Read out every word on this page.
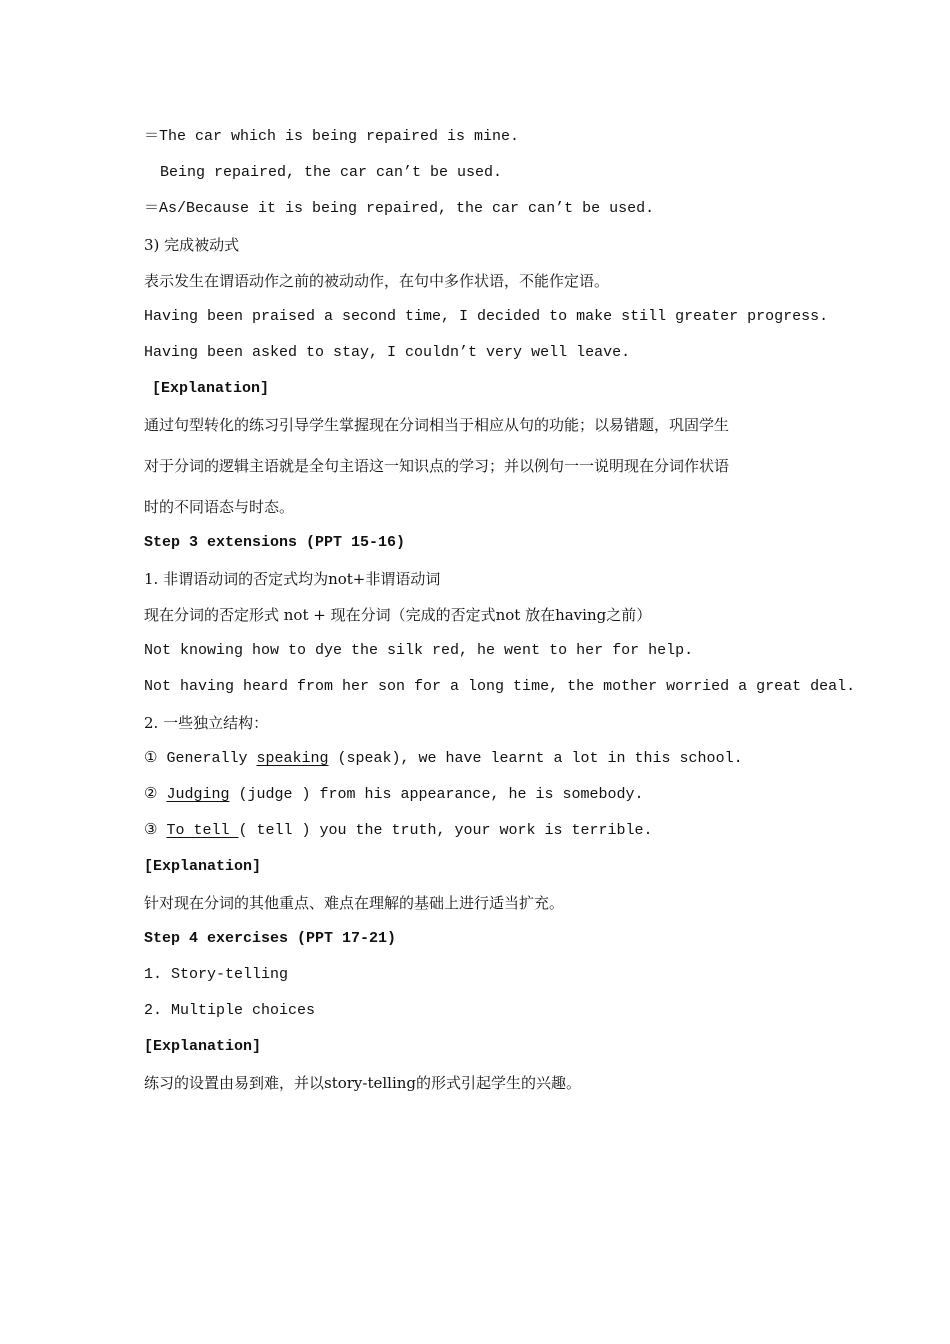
＝The car which is being repaired is mine.
Being repaired, the car can’t be used.
＝As/Because it is being repaired, the car can’t be used.
3) 完成被动式
表示发生在谓语动作之前的被动动作，在句中多作状语，不能作定语。
Having been praised a second time, I decided to make still greater progress.
Having been asked to stay, I couldn’t very well leave.
[Explanation]
通过句型转化的练习引导学生掌握现在分词相当于相应从句的功能；以易错题，巩固学生
对于分词的逻辑主语就是全句主语这一知识点的学习；并以例句一一说明现在分词作状语
时的不同语态与时态。
Step 3 extensions (PPT 15-16)
1. 非谓语动词的否定式均为not+非谓语动词
现在分词的否定形式 not + 现在分词（完成的否定式not 放在having之前）
Not knowing how to dye the silk red, he went to her for help.
Not having heard from her son for a long time, the mother worried a great deal.
2. 一些独立结构：
① Generally speaking (speak), we have learnt a lot in this school.
② Judging (judge ) from his appearance, he is somebody.
③ To tell ( tell ) you the truth, your work is terrible.
[Explanation]
针对现在分词的其他重点、难点在理解的基础上进行适当扩充。
Step 4 exercises (PPT 17-21)
1. Story-telling
2. Multiple choices
[Explanation]
练习的设置由易到难，并以story-telling的形式引起学生的兴趣。
